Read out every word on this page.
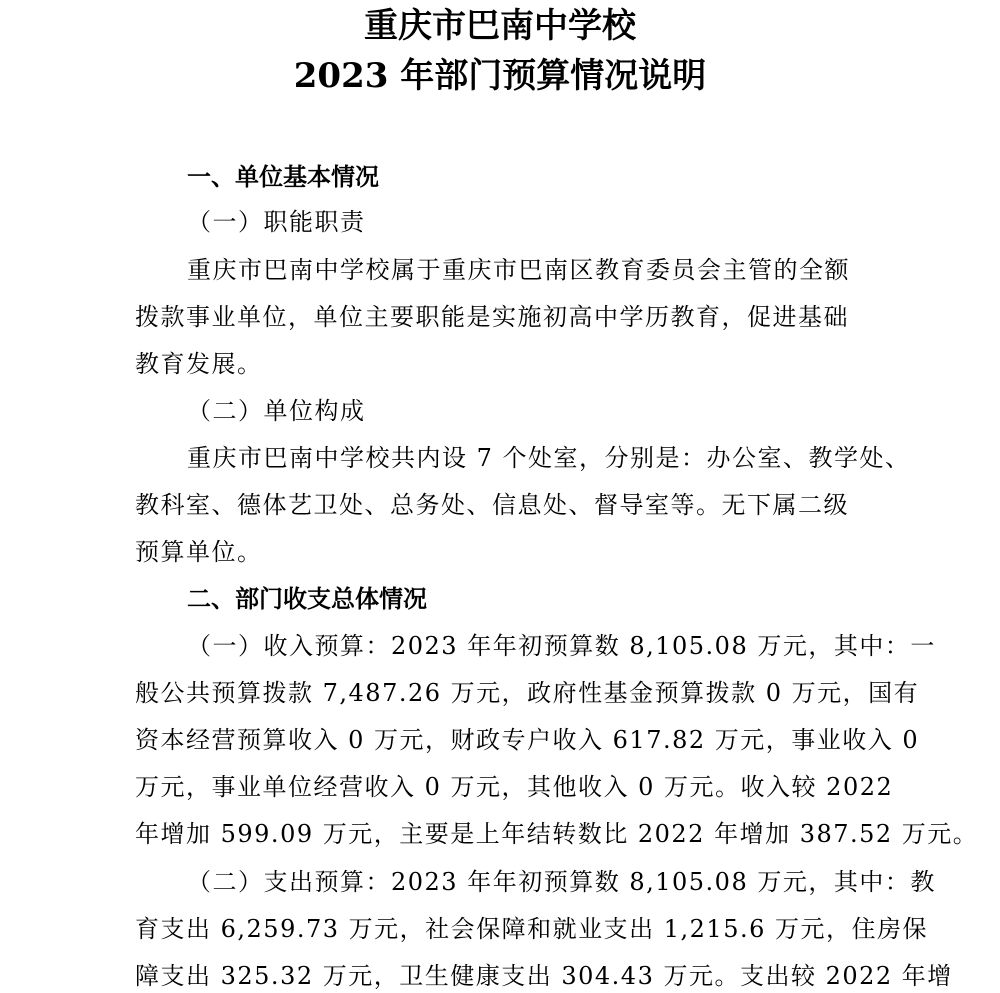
重庆市巴南中学校
2023 年部门预算情况说明
一、单位基本情况
（一）职能职责
重庆市巴南中学校属于重庆市巴南区教育委员会主管的全额
拨款事业单位，单位主要职能是实施初高中学历教育，促进基础
教育发展。
（二）单位构成
重庆市巴南中学校共内设 7 个处室，分别是：办公室、教学处、
教科室、德体艺卫处、总务处、信息处、督导室等。无下属二级
预算单位。
二、部门收支总体情况
（一）收入预算：2023 年年初预算数 8,105.08 万元，其中：一
般公共预算拨款 7,487.26 万元，政府性基金预算拨款 0 万元，国有
资本经营预算收入 0 万元，财政专户收入 617.82 万元，事业收入 0
万元，事业单位经营收入 0 万元，其他收入 0 万元。收入较 2022
年增加 599.09 万元，主要是上年结转数比 2022 年增加 387.52 万元。
（二）支出预算：2023 年年初预算数 8,105.08 万元，其中：教
育支出 6,259.73 万元，社会保障和就业支出 1,215.6 万元，住房保
障支出 325.32 万元，卫生健康支出 304.43 万元。支出较 2022 年增
